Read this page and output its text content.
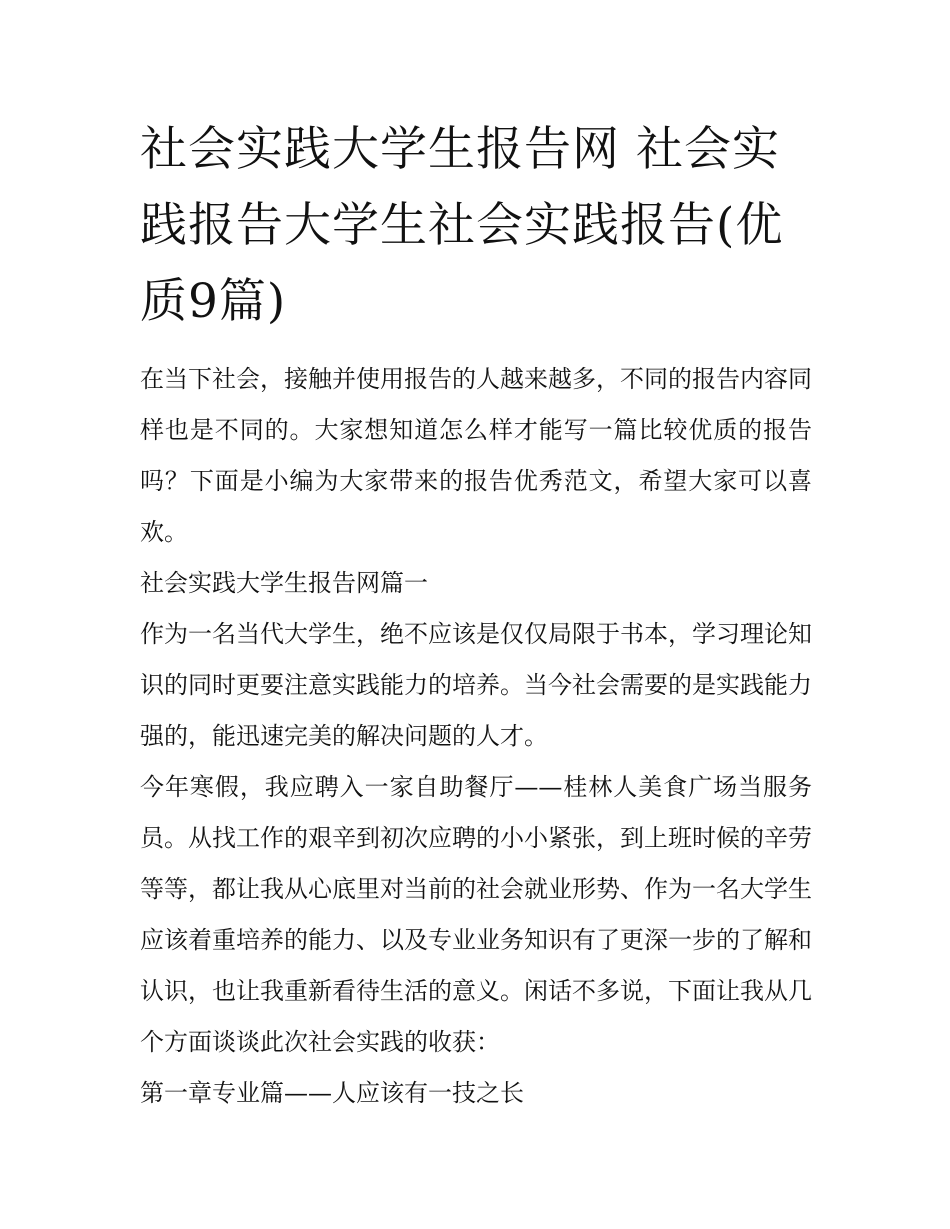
社会实践大学生报告网 社会实践报告大学生社会实践报告(优质9篇)

在当下社会，接触并使用报告的人越来越多，不同的报告内容同样也是不同的。大家想知道怎么样才能写一篇比较优质的报告吗？下面是小编为大家带来的报告优秀范文，希望大家可以喜欢。

社会实践大学生报告网篇一

作为一名当代大学生，绝不应该是仅仅局限于书本，学习理论知识的同时更要注意实践能力的培养。当今社会需要的是实践能力强的，能迅速完美的解决问题的人才。

今年寒假，我应聘入一家自助餐厅——桂林人美食广场当服务员。从找工作的艰辛到初次应聘的小小紧张，到上班时候的辛劳等等，都让我从心底里对当前的社会就业形势、作为一名大学生应该着重培养的能力、以及专业业务知识有了更深一步的了解和认识，也让我重新看待生活的意义。闲话不多说，下面让我从几个方面谈谈此次社会实践的收获：

第一章专业篇——人应该有一技之长
